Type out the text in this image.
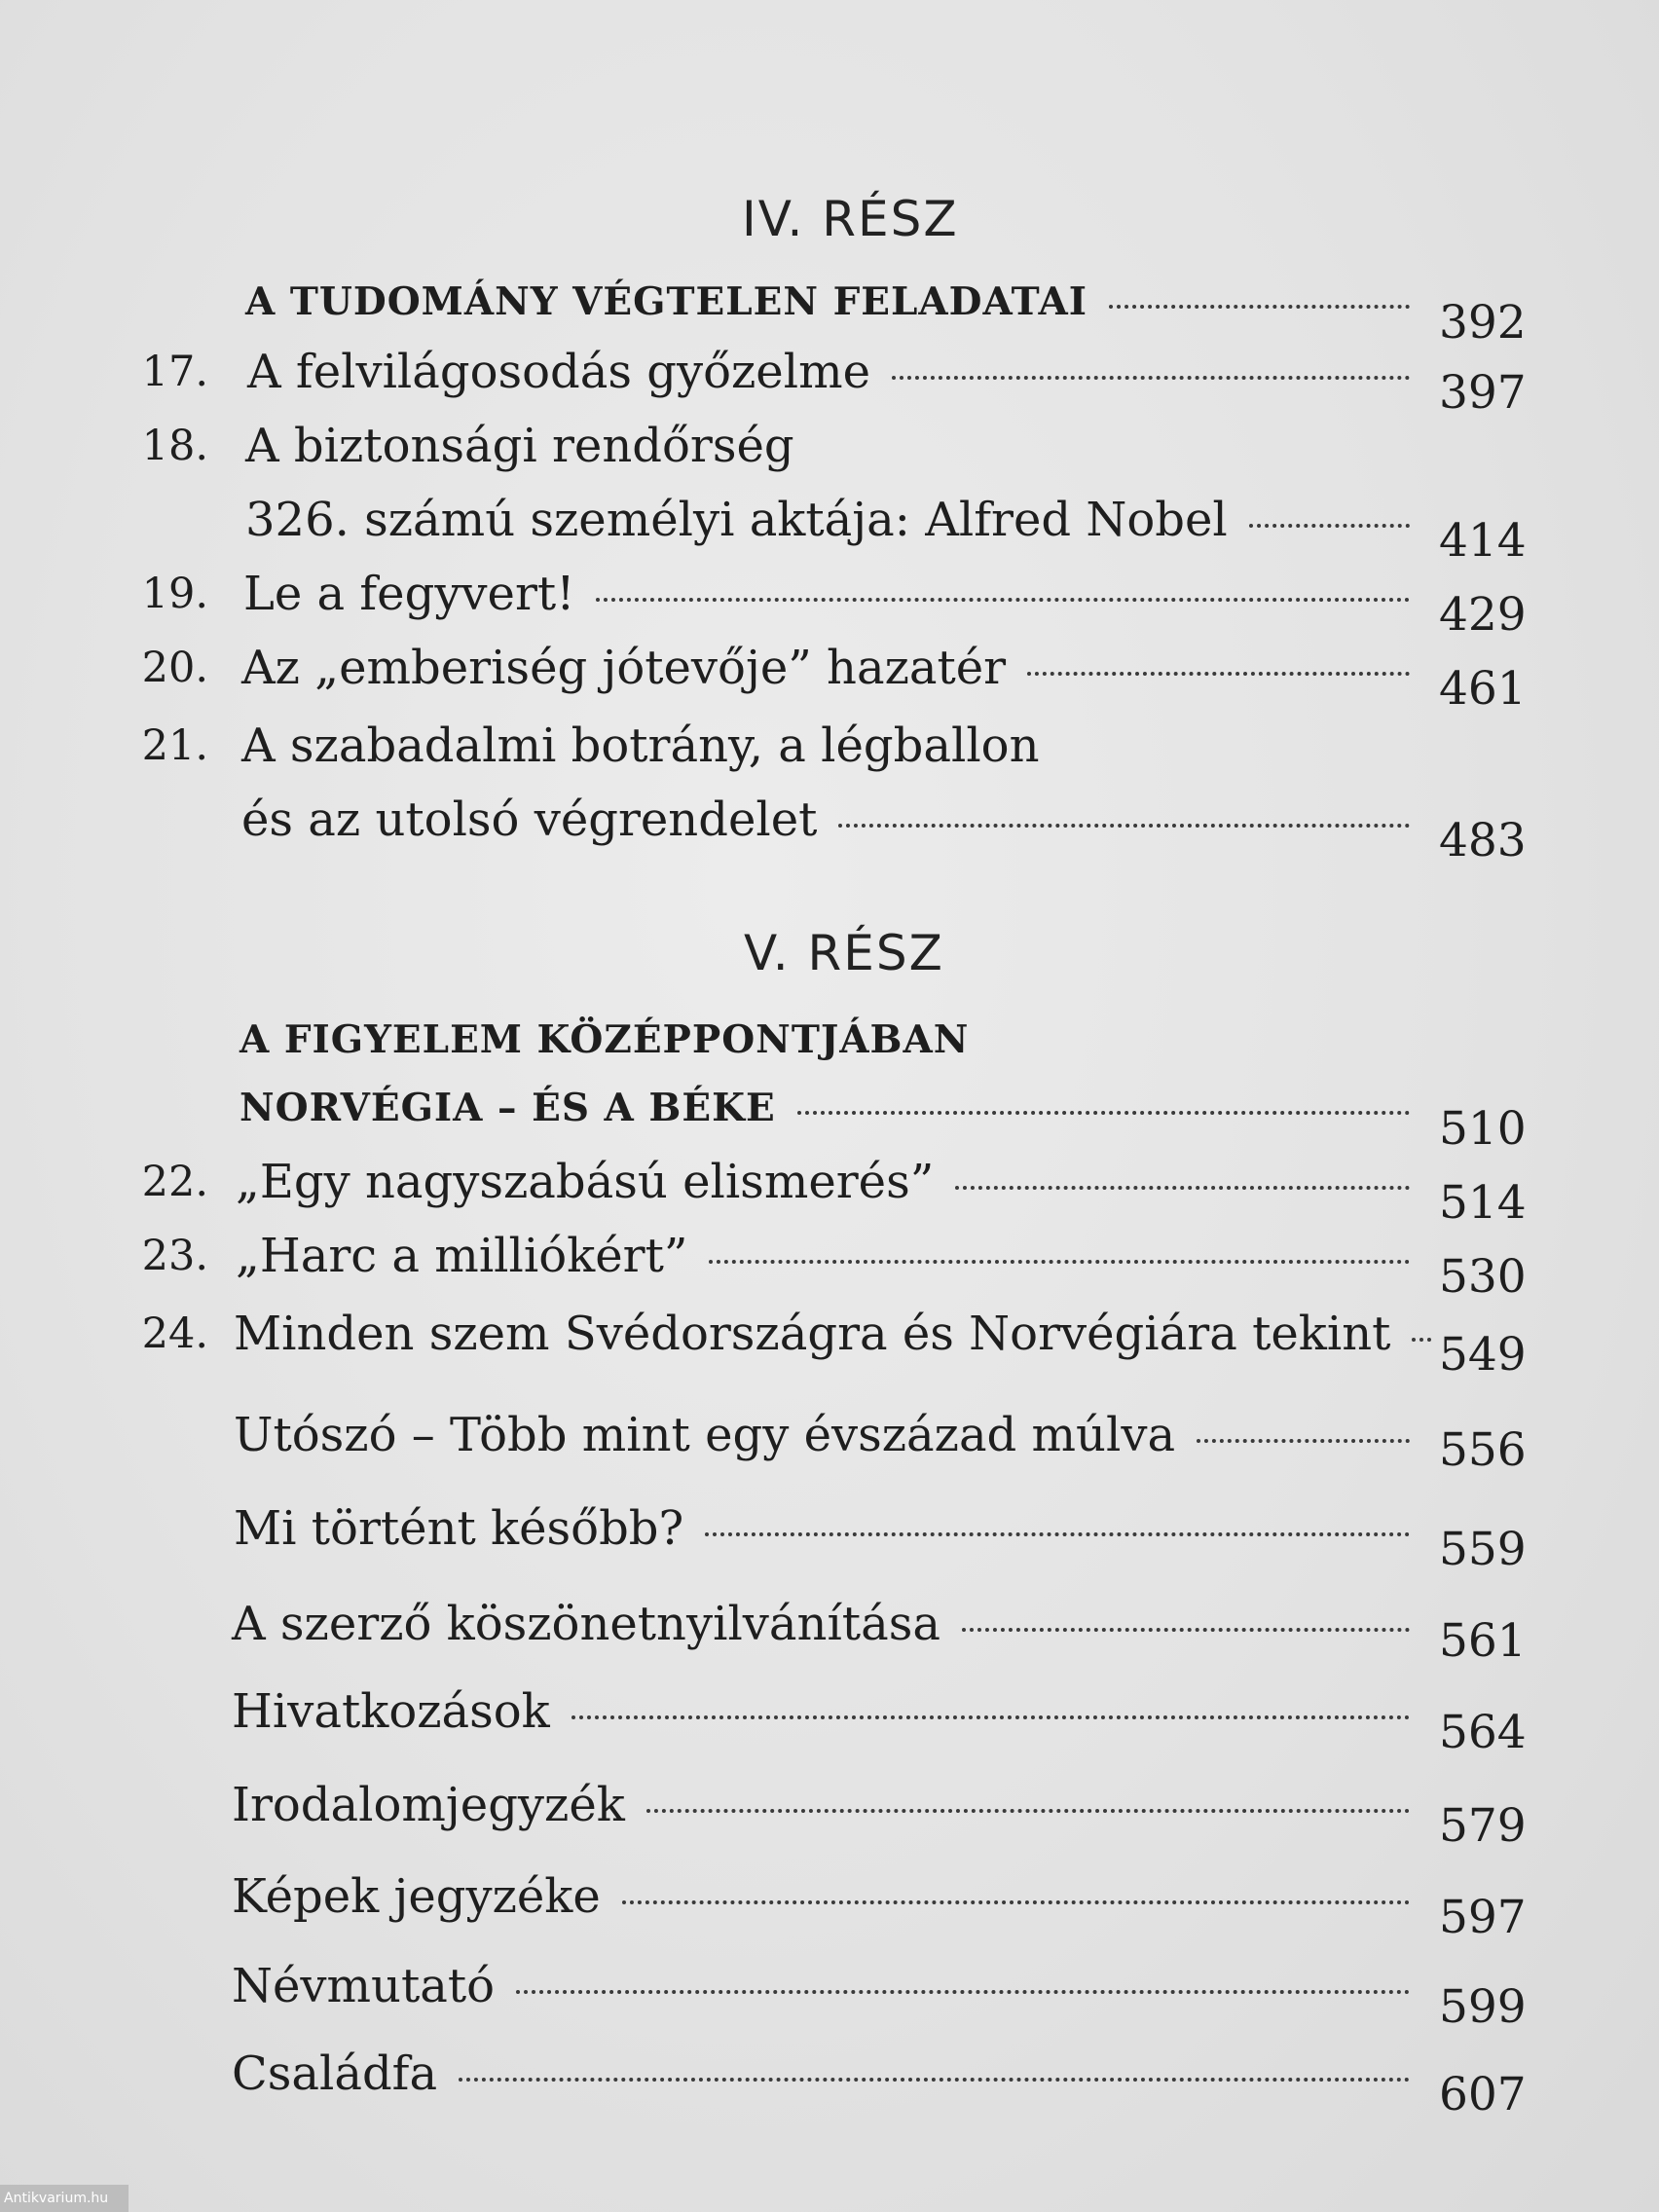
IV. RÉSZ
A TUDOMÁNY VÉGTELEN FELADATAI	392
17. A felvilágosodás győzelme	397
18. A biztonsági rendőrség
326. számú személyi aktája: Alfred Nobel	414
19. Le a fegyvert!	429
20. Az „emberiség jótevője” hazatér	461
21. A szabadalmi botrány, a légballon
és az utolsó végrendelet	483
V. RÉSZ
A FIGYELEM KÖZÉPPONTJÁBAN
NORVÉGIA – ÉS A BÉKE	510
22. „Egy nagyszabású elismerés”	514
23. „Harc a milliókért”	530
24. Minden szem Svédországra és Norvégiára tekint 549
Utószó – Több mint egy évszázad múlva	556
Mi történt később?	559
A szerző köszönetnyilvánítása	561
Hivatkozások	564
Irodalomjegyzék	579
Képek jegyzéke	597
Névmutató	599
Családfa	607
Antikvarium.hu
